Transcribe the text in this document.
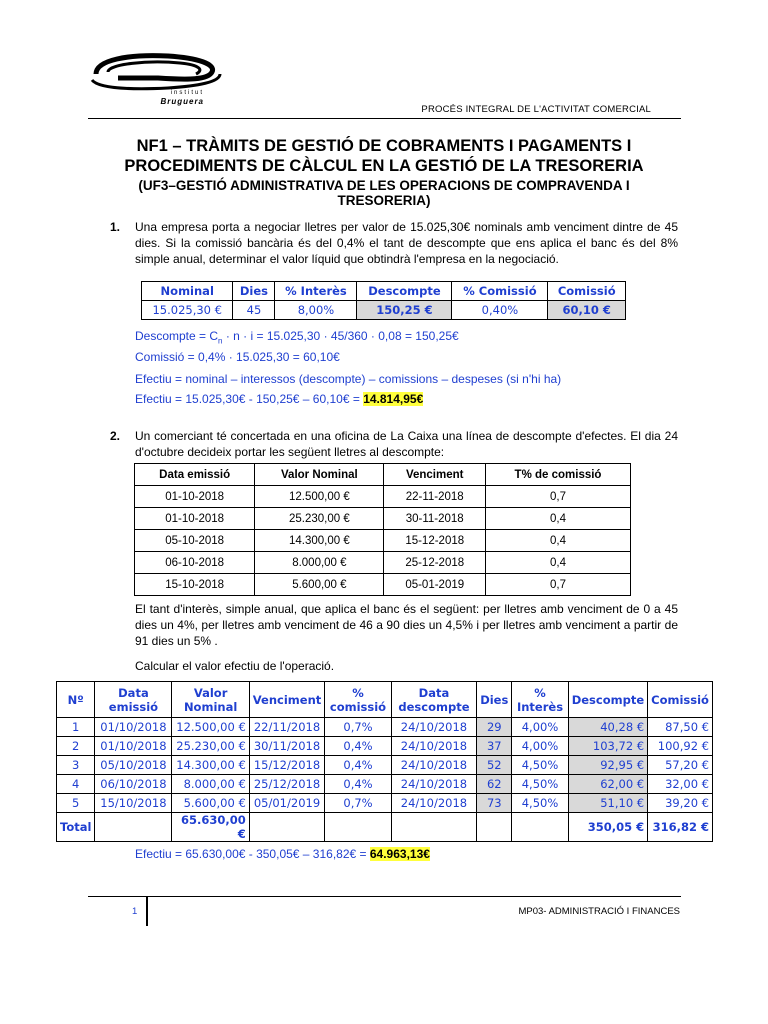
institut
Bruguera
PROCÉS INTEGRAL DE L'ACTIVITAT COMERCIAL
NF1 – TRÀMITS DE GESTIÓ DE COBRAMENTS I PAGAMENTS I
PROCEDIMENTS DE CÀLCUL EN LA GESTIÓ DE LA TRESORERIA
(UF3–GESTIÓ ADMINISTRATIVA DE LES OPERACIONS DE COMPRAVENDA I
TRESORERIA)
1. Una empresa porta a negociar lletres per valor de 15.025,30€ nominals amb venciment dintre de 45 dies. Si la comissió bancària és del 0,4% el tant de descompte que ens aplica el banc és del 8% simple anual, determinar el valor líquid que obtindrà l'empresa en la negociació.
Nominal	Dies	% Interès	Descompte	% Comissió	Comissió
15.025,30 €	45	8,00%	150,25 €	0,40%	60,10 €
Descompte = $C_n \cdot n \cdot i = 15.025,30 \cdot 45/360 \cdot 0,08$ = 150,25€
Comissió = 0,4% · 15.025,30 = 60,10€
Efectiu = nominal – interessos (descompte) – comissions – despeses (si n'hi ha)
Efectiu = 15.025,30€ - 150,25€ – 60,10€ = 14.814,95€
2. Un comerciant té concertada en una oficina de La Caixa una línea de descompte d'efectes. El dia 24 d'octubre decideix portar les següent lletres al descompte:
Data emissió	Valor Nominal	Venciment	T% de comissió
01-10-2018	12.500,00 €	22-11-2018	0,7
01-10-2018	25.230,00 €	30-11-2018	0,4
05-10-2018	14.300,00 €	15-12-2018	0,4
06-10-2018	8.000,00 €	25-12-2018	0,4
15-10-2018	5.600,00 €	05-01-2019	0,7
El tant d'interès, simple anual, que aplica el banc és el següent: per lletres amb venciment de 0 a 45 dies un 4%, per lletres amb venciment de 46 a 90 dies un 4,5% i per lletres amb venciment a partir de 91 dies un 5% .
Calcular el valor efectiu de l'operació.
Nº	Data emissió	Valor Nominal	Venciment	% comissió	Data descompte	Dies	% Interès	Descompte	Comissió
1	01/10/2018	12.500,00 €	22/11/2018	0,7%	24/10/2018	29	4,00%	40,28 €	87,50 €
2	01/10/2018	25.230,00 €	30/11/2018	0,4%	24/10/2018	37	4,00%	103,72 €	100,92 €
3	05/10/2018	14.300,00 €	15/12/2018	0,4%	24/10/2018	52	4,50%	92,95 €	57,20 €
4	06/10/2018	8.000,00 €	25/12/2018	0,4%	24/10/2018	62	4,50%	62,00 €	32,00 €
5	15/10/2018	5.600,00 €	05/01/2019	0,7%	24/10/2018	73	4,50%	51,10 €	39,20 €
Total		65.630,00 €						350,05 €	316,82 €
Efectiu = 65.630,00€ - 350,05€ – 316,82€ = 64.963,13€
1	MP03- ADMINISTRACIÓ I FINANCES
